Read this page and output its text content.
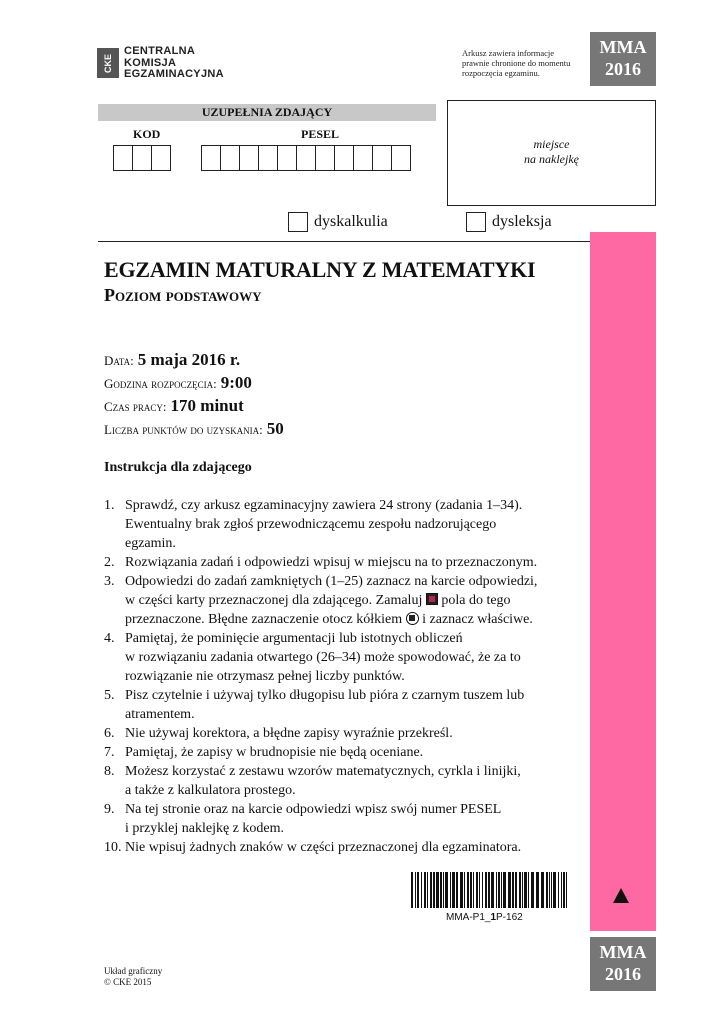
CKE
CENTRALNA
KOMISJA
EGZAMINACYJNA
Arkusz zawiera informacje
prawnie chronione do momentu
rozpoczęcia egzaminu.
MMA
2016
UZUPEŁNIA ZDAJĄCY
KOD	PESEL
miejsce
na naklejkę
dyskalkulia	dysleksja
EGZAMIN MATURALNY Z MATEMATYKI
Poziom podstawowy
Data: 5 maja 2016 r.
Godzina rozpoczęcia: 9:00
Czas pracy: 170 minut
Liczba punktów do uzyskania: 50
Instrukcja dla zdającego
1. Sprawdź, czy arkusz egzaminacyjny zawiera 24 strony (zadania 1–34).
Ewentualny brak zgłoś przewodniczącemu zespołu nadzorującego
egzamin.
2. Rozwiązania zadań i odpowiedzi wpisuj w miejscu na to przeznaczonym.
3. Odpowiedzi do zadań zamkniętych (1–25) zaznacz na karcie odpowiedzi,
w części karty przeznaczonej dla zdającego. Zamaluj pola do tego
przeznaczone. Błędne zaznaczenie otocz kółkiem i zaznacz właściwe.
4. Pamiętaj, że pominięcie argumentacji lub istotnych obliczeń
w rozwiązaniu zadania otwartego (26–34) może spowodować, że za to
rozwiązanie nie otrzymasz pełnej liczby punktów.
5. Pisz czytelnie i używaj tylko długopisu lub pióra z czarnym tuszem lub
atramentem.
6. Nie używaj korektora, a błędne zapisy wyraźnie przekreśl.
7. Pamiętaj, że zapisy w brudnopisie nie będą oceniane.
8. Możesz korzystać z zestawu wzorów matematycznych, cyrkla i linijki,
a także z kalkulatora prostego.
9. Na tej stronie oraz na karcie odpowiedzi wpisz swój numer PESEL
i przyklej naklejkę z kodem.
10. Nie wpisuj żadnych znaków w części przeznaczonej dla egzaminatora.
MMA-P1_1P-162
MMA
2016
Układ graficzny
© CKE 2015
